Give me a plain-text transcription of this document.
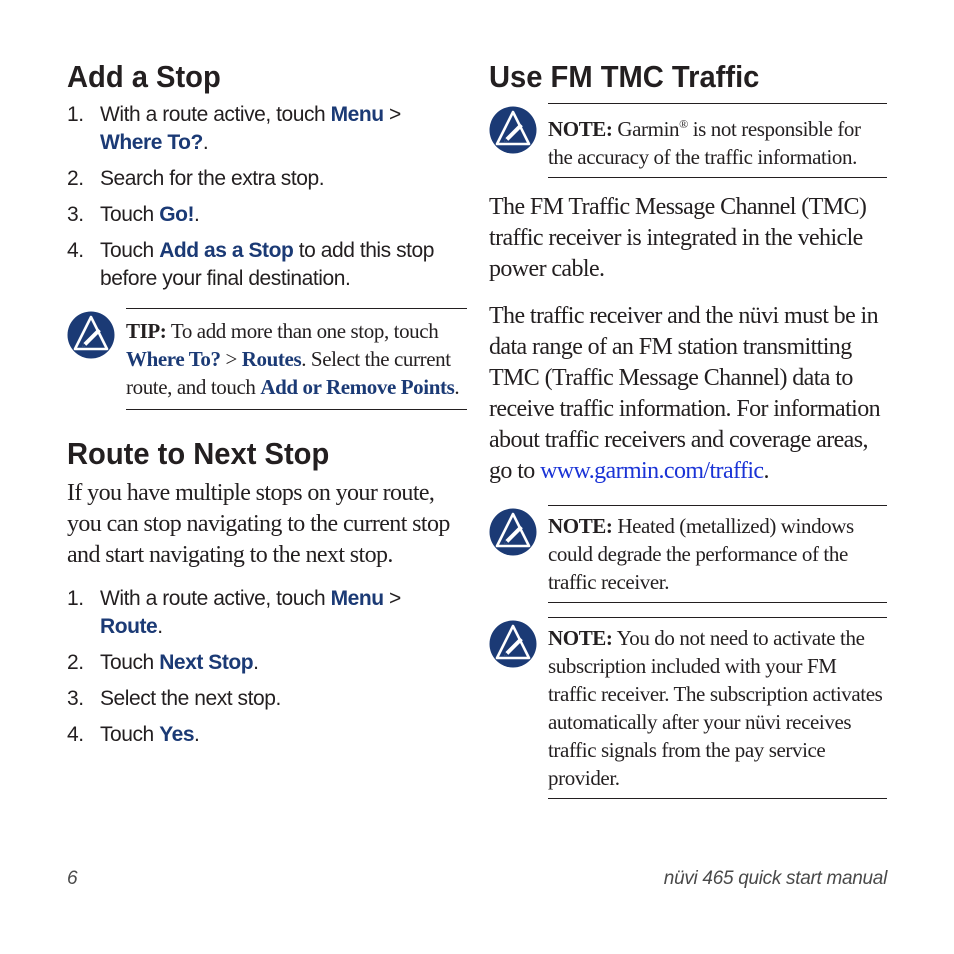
Add a Stop
1. With a route active, touch Menu > Where To?.
2. Search for the extra stop.
3. Touch Go!.
4. Touch Add as a Stop to add this stop before your final destination.
TIP: To add more than one stop, touch Where To? > Routes. Select the current route, and touch Add or Remove Points.
Route to Next Stop

If you have multiple stops on your route, you can stop navigating to the current stop and start navigating to the next stop.

1. With a route active, touch Menu > Route.
2. Touch Next Stop.
3. Select the next stop.
4. Touch Yes.
Use FM TMC Traffic
NOTE: Garmin® is not responsible for the accuracy of the traffic information.

The FM Traffic Message Channel (TMC) traffic receiver is integrated in the vehicle power cable.

The traffic receiver and the nüvi must be in data range of an FM station transmitting TMC (Traffic Message Channel) data to receive traffic information. For information about traffic receivers and coverage areas, go to www.garmin.com/traffic.

NOTE: Heated (metallized) windows could degrade the performance of the traffic receiver.
NOTE: You do not need to activate the subscription included with your FM traffic receiver. The subscription activates automatically after your nüvi receives traffic signals from the pay service provider.
6	nüvi 465 quick start manual
